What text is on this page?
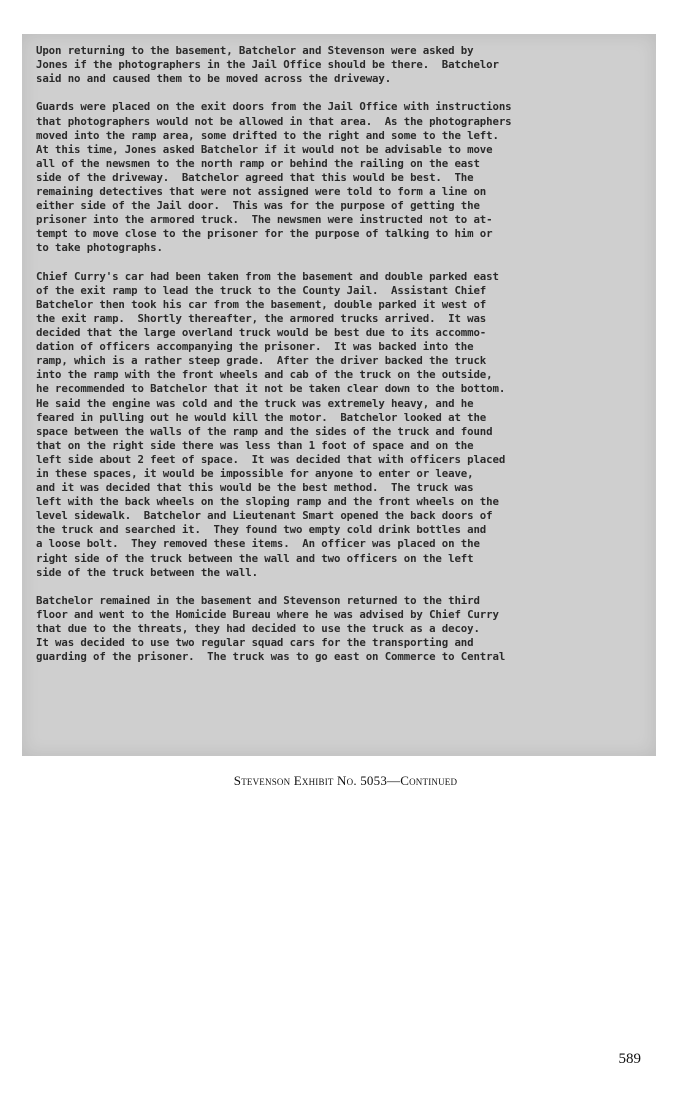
Upon returning to the basement, Batchelor and Stevenson were asked by
Jones if the photographers in the Jail Office should be there.  Batchelor
said no and caused them to be moved across the driveway.
Guards were placed on the exit doors from the Jail Office with instructions
that photographers would not be allowed in that area.  As the photographers
moved into the ramp area, some drifted to the right and some to the left.
At this time, Jones asked Batchelor if it would not be advisable to move
all of the newsmen to the north ramp or behind the railing on the east
side of the driveway.  Batchelor agreed that this would be best.  The
remaining detectives that were not assigned were told to form a line on
either side of the Jail door.  This was for the purpose of getting the
prisoner into the armored truck.  The newsmen were instructed not to at-
tempt to move close to the prisoner for the purpose of talking to him or
to take photographs.
Chief Curry's car had been taken from the basement and double parked east
of the exit ramp to lead the truck to the County Jail.  Assistant Chief
Batchelor then took his car from the basement, double parked it west of
the exit ramp.  Shortly thereafter, the armored trucks arrived.  It was
decided that the large overland truck would be best due to its accommo-
dation of officers accompanying the prisoner.  It was backed into the
ramp, which is a rather steep grade.  After the driver backed the truck
into the ramp with the front wheels and cab of the truck on the outside,
he recommended to Batchelor that it not be taken clear down to the bottom.
He said the engine was cold and the truck was extremely heavy, and he
feared in pulling out he would kill the motor.  Batchelor looked at the
space between the walls of the ramp and the sides of the truck and found
that on the right side there was less than 1 foot of space and on the
left side about 2 feet of space.  It was decided that with officers placed
in these spaces, it would be impossible for anyone to enter or leave,
and it was decided that this would be the best method.  The truck was
left with the back wheels on the sloping ramp and the front wheels on the
level sidewalk.  Batchelor and Lieutenant Smart opened the back doors of
the truck and searched it.  They found two empty cold drink bottles and
a loose bolt.  They removed these items.  An officer was placed on the
right side of the truck between the wall and two officers on the left
side of the truck between the wall.
Batchelor remained in the basement and Stevenson returned to the third
floor and went to the Homicide Bureau where he was advised by Chief Curry
that due to the threats, they had decided to use the truck as a decoy.
It was decided to use two regular squad cars for the transporting and
guarding of the prisoner.  The truck was to go east on Commerce to Central
Stevenson Exhibit No. 5053—Continued
589
